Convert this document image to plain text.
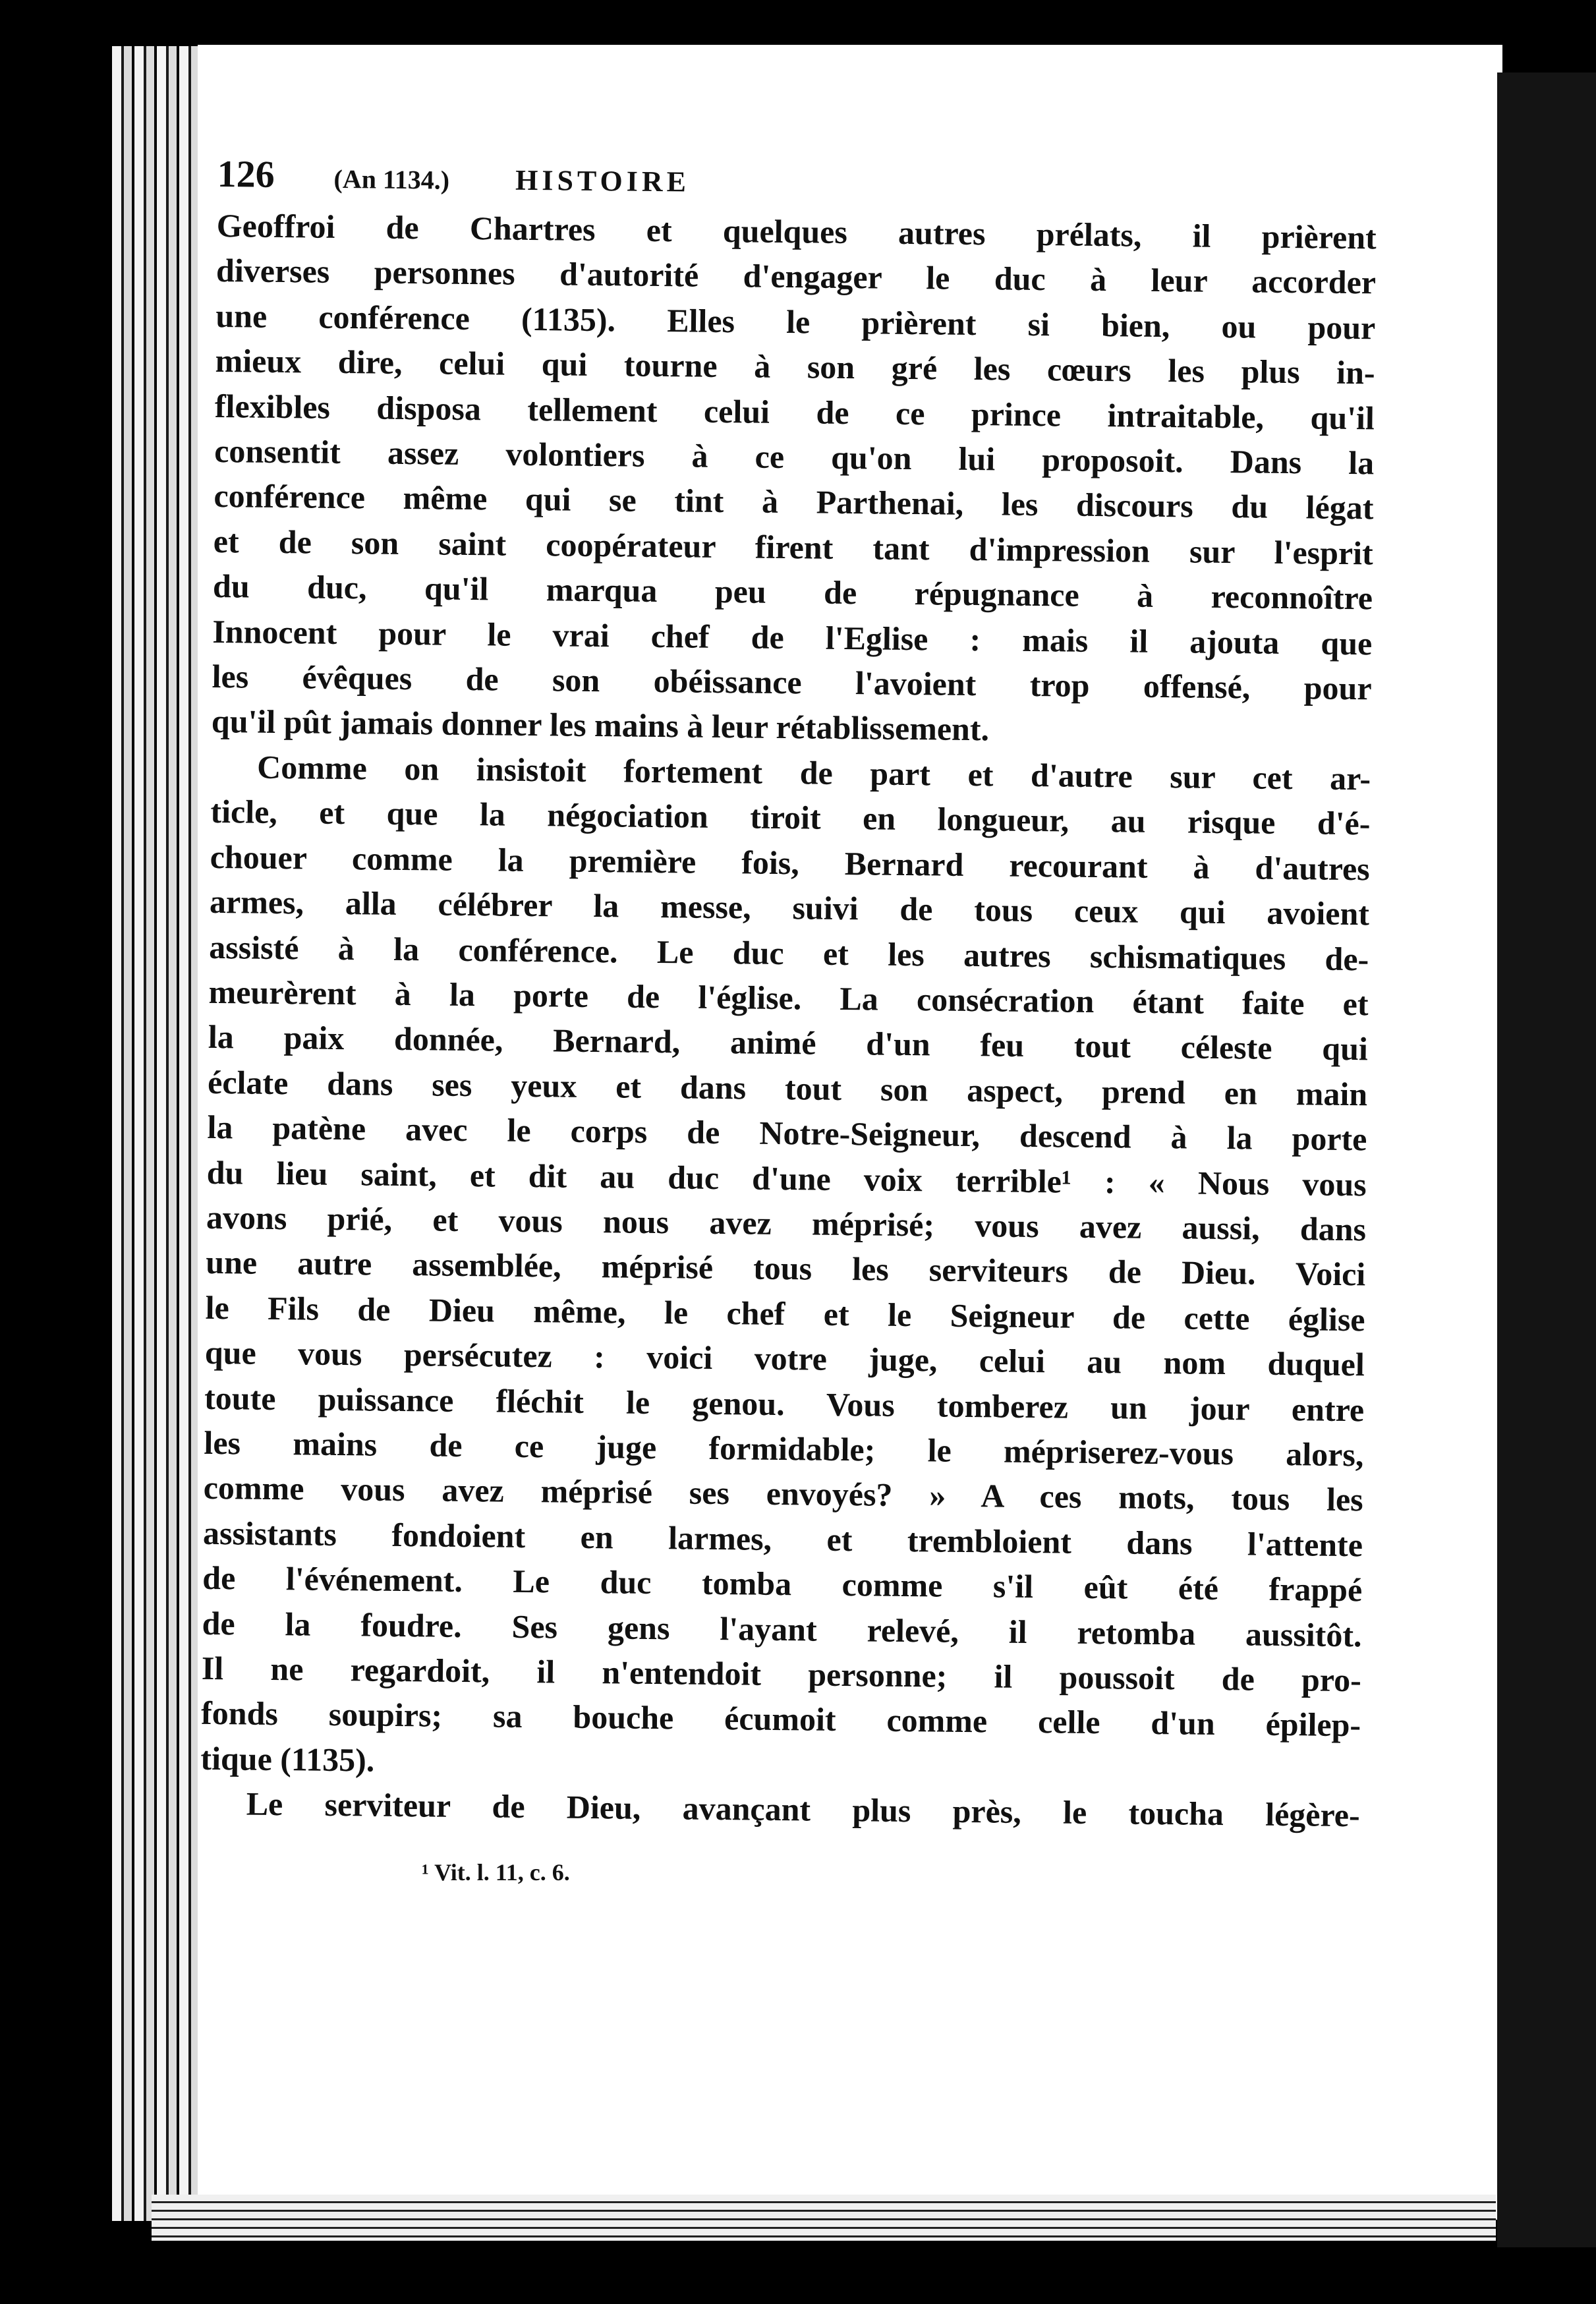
126 (An 1134.) HISTOIRE

Geoffroi de Chartres et quelques autres prélats, il prièrent
diverses personnes d'autorité d'engager le duc à leur accorder
une conférence (1135). Elles le prièrent si bien, ou pour
mieux dire, celui qui tourne à son gré les cœurs les plus in-
flexibles disposa tellement celui de ce prince intraitable, qu'il
consentit assez volontiers à ce qu'on lui proposoit. Dans la
conférence même qui se tint à Parthenai, les discours du légat
et de son saint coopérateur firent tant d'impression sur l'esprit
du duc, qu'il marqua peu de répugnance à reconnoître
Innocent pour le vrai chef de l'Eglise : mais il ajouta que
les évêques de son obéissance l'avoient trop offensé, pour
qu'il pût jamais donner les mains à leur rétablissement.

Comme on insistoit fortement de part et d'autre sur cet ar-
ticle, et que la négociation tiroit en longueur, au risque d'é-
chouer comme la première fois, Bernard recourant à d'autres
armes, alla célébrer la messe, suivi de tous ceux qui avoient
assisté à la conférence. Le duc et les autres schismatiques de-
meurèrent à la porte de l'église. La consécration étant faite et
la paix donnée, Bernard, animé d'un feu tout céleste qui
éclate dans ses yeux et dans tout son aspect, prend en main
la patène avec le corps de Notre-Seigneur, descend à la porte
du lieu saint, et dit au duc d'une voix terrible¹ : « Nous vous
avons prié, et vous nous avez méprisé; vous avez aussi, dans
une autre assemblée, méprisé tous les serviteurs de Dieu. Voici
le Fils de Dieu même, le chef et le Seigneur de cette église
que vous persécutez : voici votre juge, celui au nom duquel
toute puissance fléchit le genou. Vous tomberez un jour entre
les mains de ce juge formidable; le mépriserez-vous alors,
comme vous avez méprisé ses envoyés? » A ces mots, tous les
assistants fondoient en larmes, et trembloient dans l'attente
de l'événement. Le duc tomba comme s'il eût été frappé
de la foudre. Ses gens l'ayant relevé, il retomba aussitôt.
Il ne regardoit, il n'entendoit personne; il poussoit de pro-
fonds soupirs; sa bouche écumoit comme celle d'un épilep-
tique (1135).

Le serviteur de Dieu, avançant plus près, le toucha légère-

¹ Vit. l. 11, c. 6.
